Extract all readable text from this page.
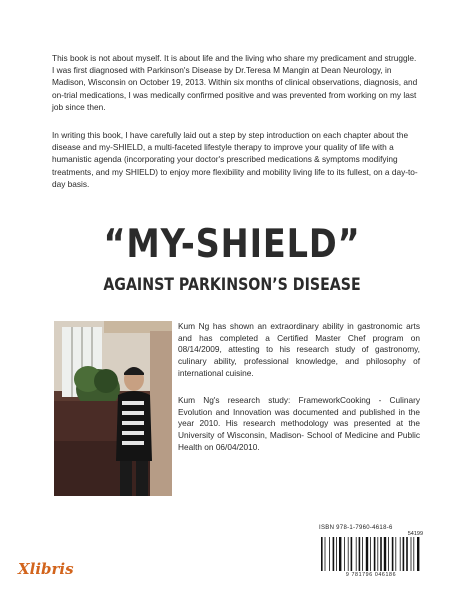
This book is not about myself. It is about life and the living who share my predicament and struggle. I was first diagnosed with Parkinson's Disease by Dr.Teresa M Mangin at Dean Neurology, in Madison, Wisconsin on October 19, 2013. Within six months of clinical observations, diagnosis, and on-trial medications, I was medically confirmed positive and was prevented from working on my last job since then.
In writing this book, I have carefully laid out a step by step introduction on each chapter about the disease and my-SHIELD, a multi-faceted lifestyle therapy to improve your quality of life with a humanistic agenda (incorporating your doctor's prescribed medications & symptoms modifying treatments, and my SHIELD) to enjoy more flexibility and mobility living life to its fullest, on a day-to-day basis.
“MY-SHIELD”
AGAINST PARKINSON’S DISEASE
Kum Ng has shown an extraordinary ability in gastronomic arts and has completed a Certified Master Chef program on 08/14/2009, attesting to his research study of gastronomy, culinary ability, professional knowledge, and philosophy of international cuisine.
Kum Ng's research study: FrameworkCooking - Culinary Evolution and Innovation was documented and published in the year 2010. His research methodology was presented at the University of Wisconsin, Madison- School of Medicine and Public Health on 06/04/2010.
ISBN 978-1-7960-4618-6
54199
9 781796 046186
Xlibris
